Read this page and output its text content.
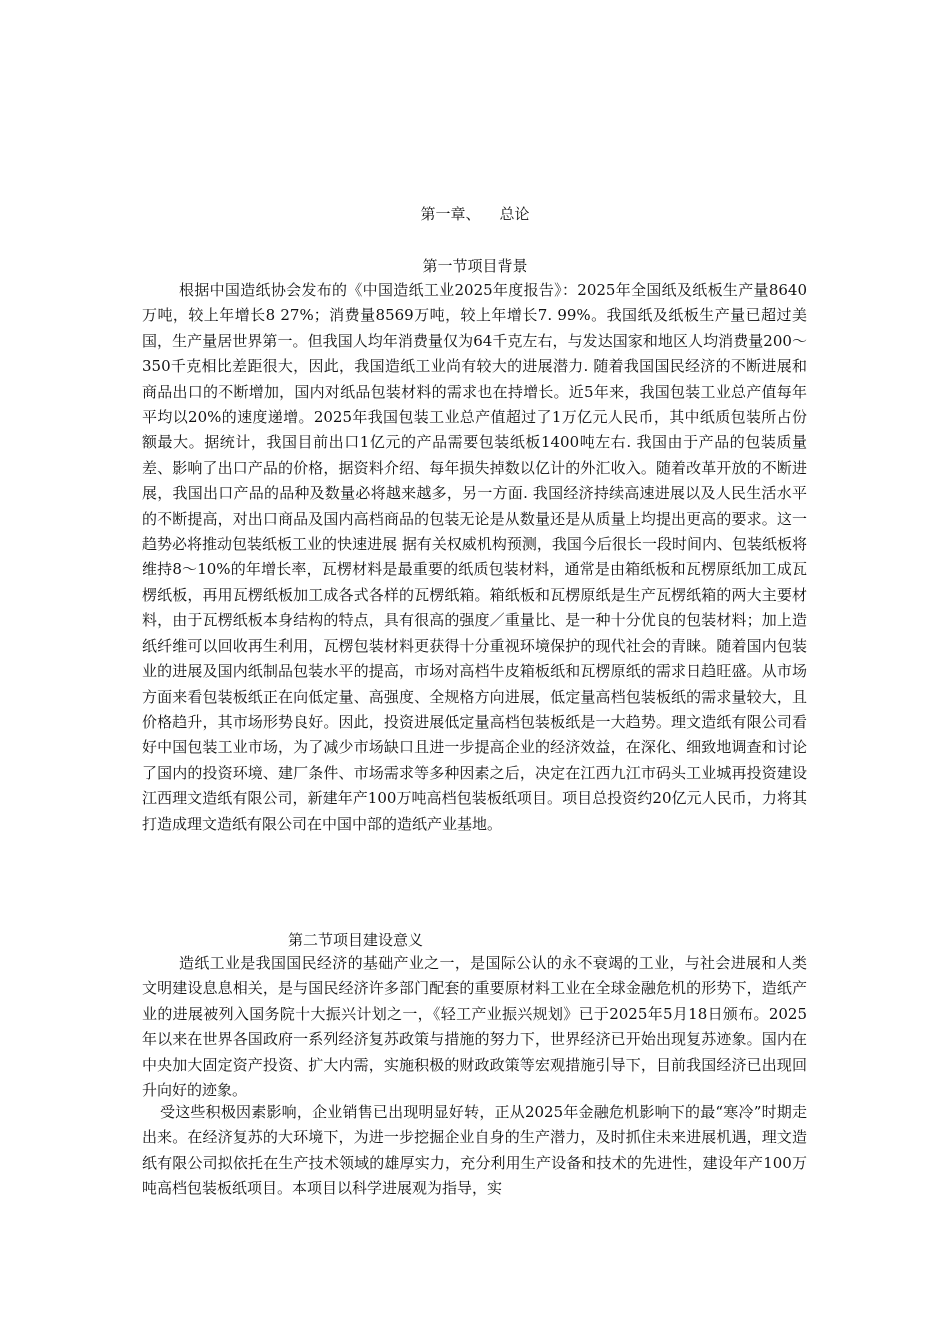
第一章、    总论
第一节项目背景

根据中国造纸协会发布的《中国造纸工业2025年度报告》：2025年全国纸及纸板生产量8640万吨，较上年增长8 27%；消费量8569万吨，较上年增长7. 99%。我国纸及纸板生产量已超过美国，生产量居世界第一。但我国人均年消费量仅为64千克左右，与发达国家和地区人均消费量200～350千克相比差距很大，因此，我国造纸工业尚有较大的进展潜力. 随着我国国民经济的不断进展和商品出口的不断增加，国内对纸品包装材料的需求也在持增长。近5年来，我国包装工业总产值每年平均以20%的速度递增。2025年我国包装工业总产值超过了1万亿元人民币，其中纸质包装所占份额最大。据统计，我国目前出口1亿元的产品需要包装纸板1400吨左右. 我国由于产品的包装质量差、影响了出口产品的价格，据资料介绍、每年损失掉数以亿计的外汇收入。随着改革开放的不断进展，我国出口产品的品种及数量必将越来越多，另一方面. 我国经济持续高速进展以及人民生活水平的不断提高，对出口商品及国内高档商品的包装无论是从数量还是从质量上均提出更高的要求。这一趋势必将推动包装纸板工业的快速进展 据有关权威机构预测，我国今后很长一段时间内、包装纸板将维持8～10%的年增长率，瓦楞材料是最重要的纸质包装材料，通常是由箱纸板和瓦楞原纸加工成瓦楞纸板，再用瓦楞纸板加工成各式各样的瓦楞纸箱。箱纸板和瓦楞原纸是生产瓦楞纸箱的两大主要材料，由于瓦楞纸板本身结构的特点，具有很高的强度／重量比、是一种十分优良的包装材料；加上造纸纤维可以回收再生利用，瓦楞包装材料更获得十分重视环境保护的现代社会的青睐。随着国内包装业的进展及国内纸制品包装水平的提高，市场对高档牛皮箱板纸和瓦楞原纸的需求日趋旺盛。从市场方面来看包装板纸正在向低定量、高强度、全规格方向进展，低定量高档包装板纸的需求量较大，且价格趋升，其市场形势良好。因此，投资进展低定量高档包装板纸是一大趋势。理文造纸有限公司看好中国包装工业市场，为了减少市场缺口且进一步提高企业的经济效益，在深化、细致地调查和讨论了国内的投资环境、建厂条件、市场需求等多种因素之后，决定在江西九江市码头工业城再投资建设江西理文造纸有限公司，新建年产100万吨高档包装板纸项目。项目总投资约20亿元人民币，力将其打造成理文造纸有限公司在中国中部的造纸产业基地。

第二节项目建设意义

造纸工业是我国国民经济的基础产业之一，是国际公认的永不衰竭的工业，与社会进展和人类文明建设息息相关，是与国民经济许多部门配套的重要原材料工业在全球金融危机的形势下，造纸产业的进展被列入国务院十大振兴计划之一，《轻工产业振兴规划》已于2025年5月18日颁布。2025年以来在世界各国政府一系列经济复苏政策与措施的努力下，世界经济已开始出现复苏迹象。国内在中央加大固定资产投资、扩大内需，实施积极的财政政策等宏观措施引导下，目前我国经济已出现回升向好的迹象。

受这些积极因素影响，企业销售已出现明显好转，正从2025年金融危机影响下的最“寒冷”时期走出来。在经济复苏的大环境下，为进一步挖掘企业自身的生产潜力，及时抓住未来进展机遇，理文造纸有限公司拟依托在生产技术领域的雄厚实力，充分利用生产设备和技术的先进性，建设年产100万吨高档包装板纸项目。本项目以科学进展观为指导，实
